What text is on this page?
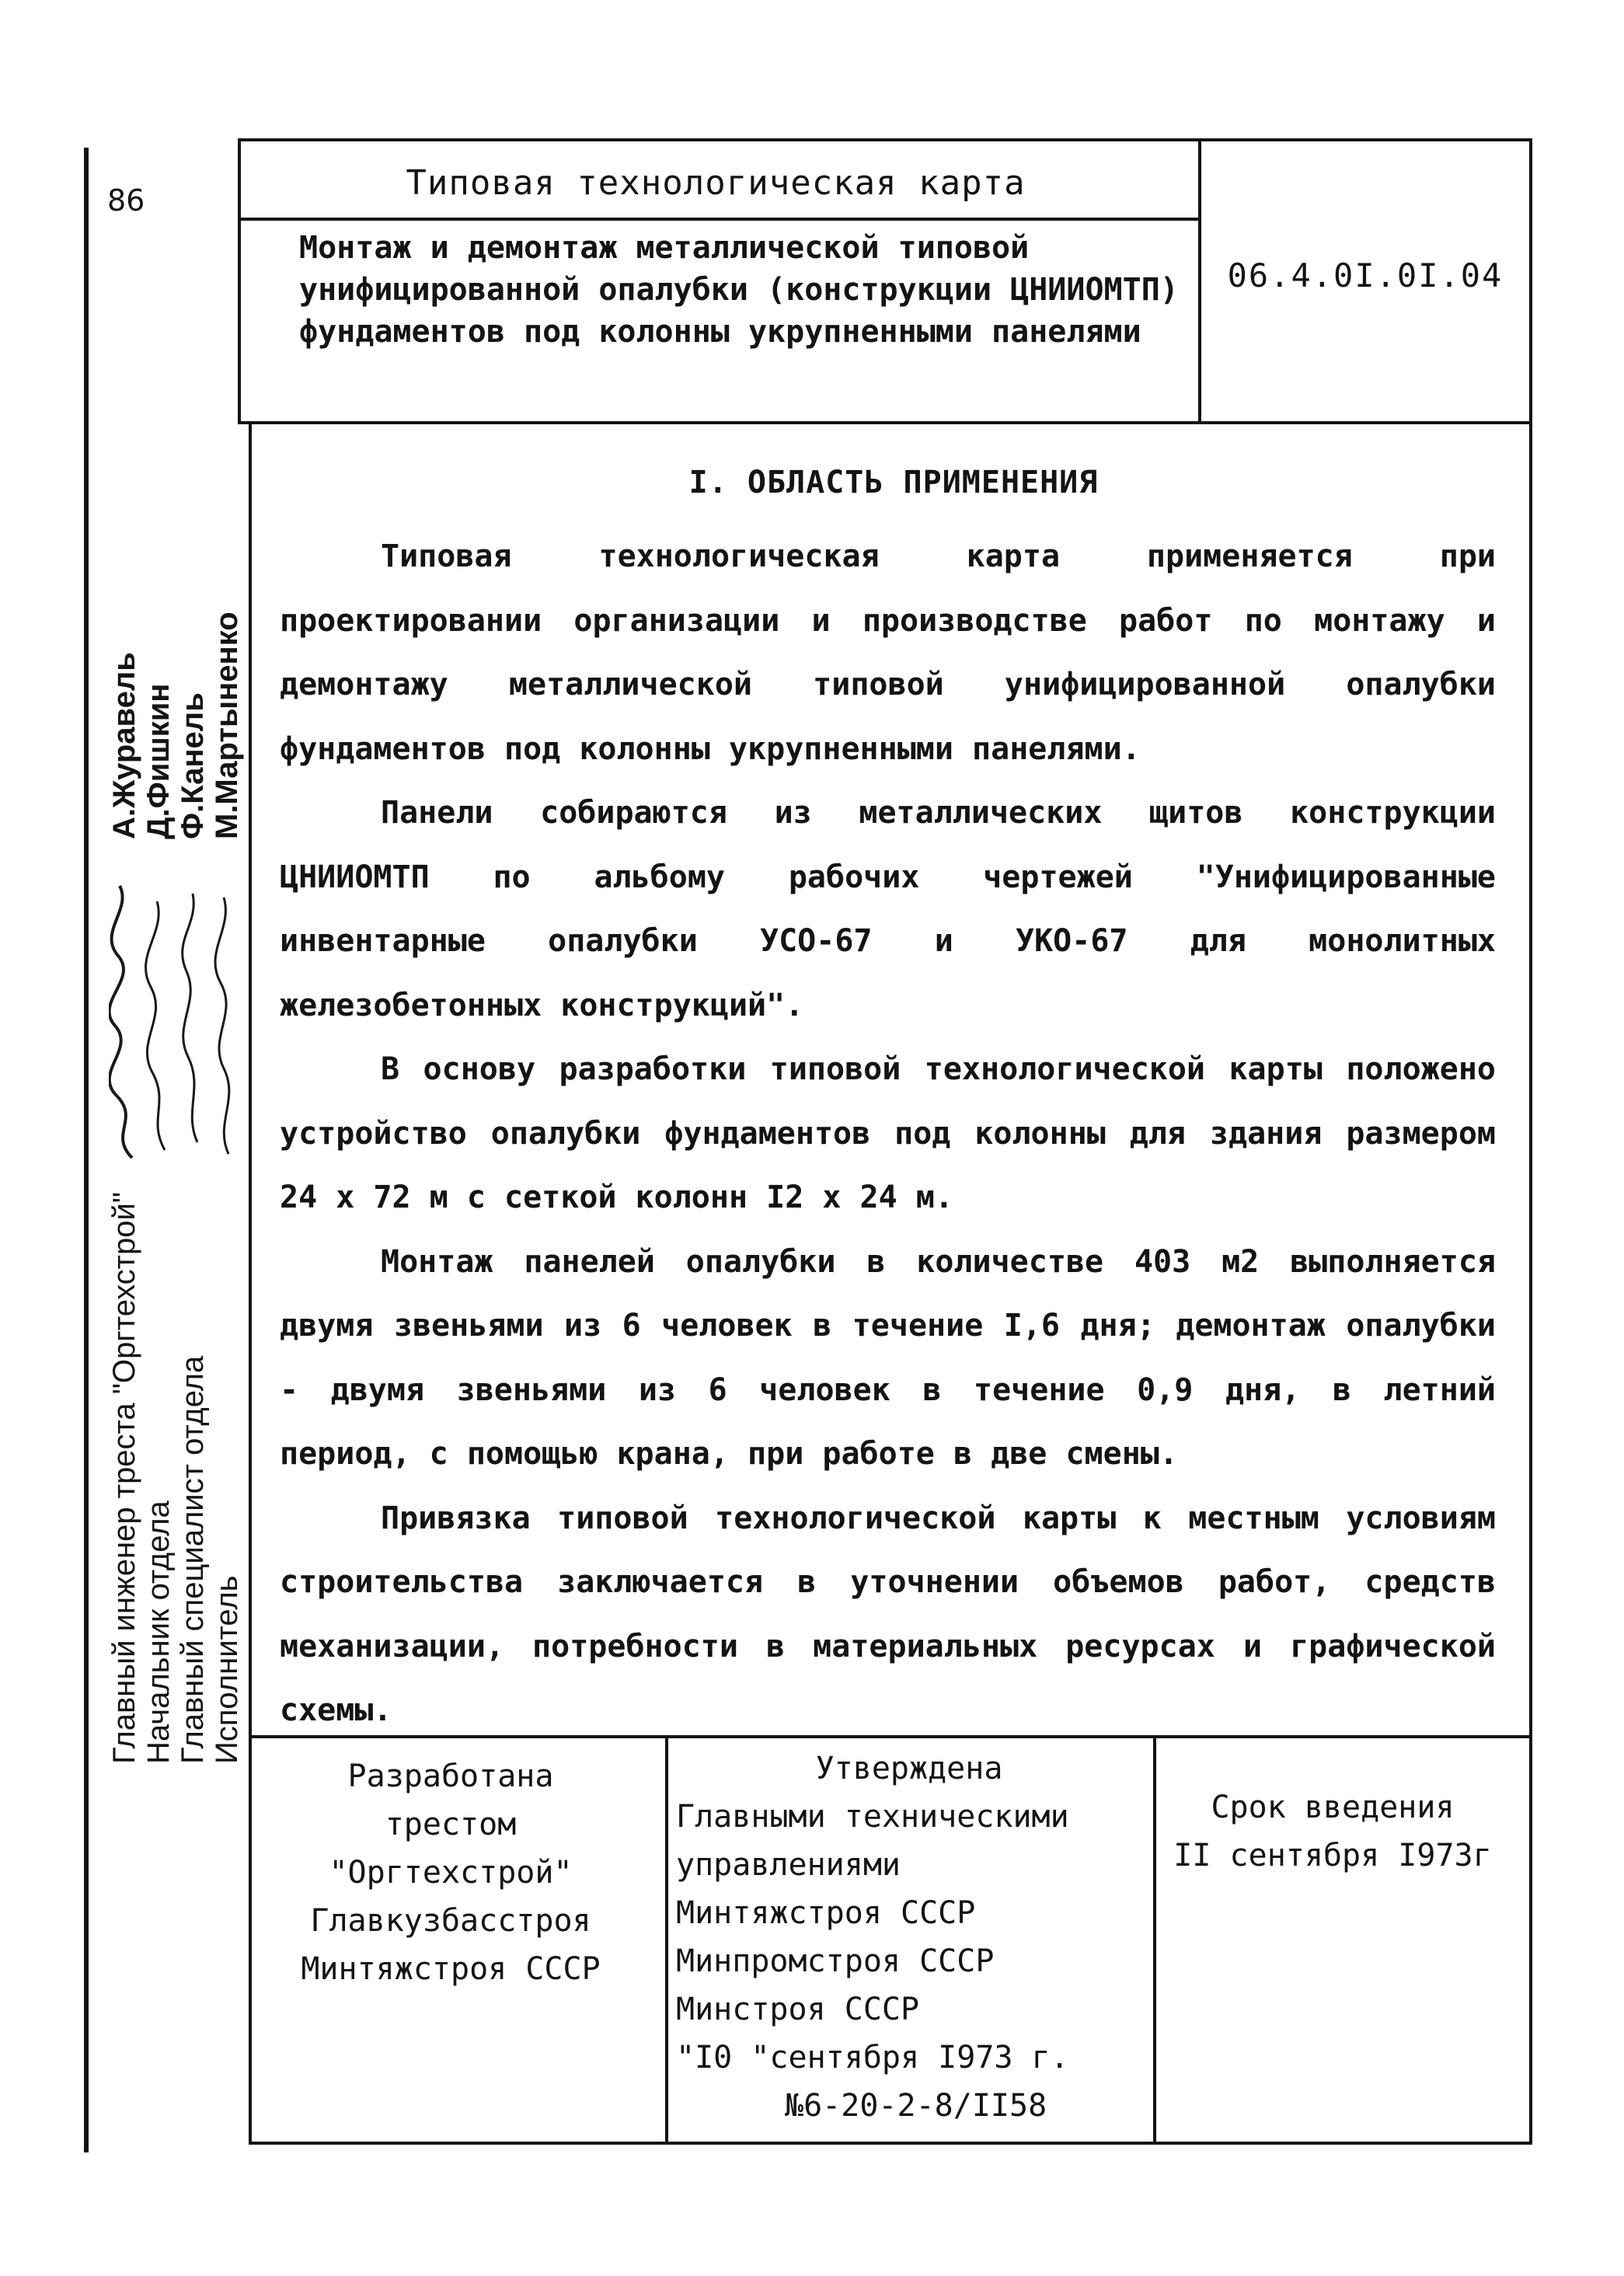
86	Типовая технологическая карта
Монтаж и демонтаж металлической типовой унифицированной опалубки (конструкции ЦНИИОМТП) фундаментов под колонны укрупненными панелями
06.4.0I.0I.04
I. ОБЛАСТЬ ПРИМЕНЕНИЯ

Типовая технологическая карта применяется при проектировании организации и производстве работ по монтажу и демонтажу металлической типовой унифицированной опалубки фундаментов под колонны укрупненными панелями.

Панели собираются из металлических щитов конструкции ЦНИИОМТП по альбому рабочих чертежей "Унифицированные инвентарные опалубки УСО-67 и УКО-67 для монолитных железобетонных конструкций".

В основу разработки типовой технологической карты положено устройство опалубки фундаментов под колонны для здания размером 24 х 72 м с сеткой колонн I2 х 24 м.

Монтаж панелей опалубки в количестве 403 м2 выполняется двумя звеньями из 6 человек в течение I,6 дня; демонтаж опалубки - двумя звеньями из 6 человек в течение 0,9 дня, в летний период, с помощью крана, при работе в две смены.

Привязка типовой технологической карты к местным условиям строительства заключается в уточнении объемов работ, средств механизации, потребности в материальных ресурсах и графической схемы.

Главный инженер треста "Оргтехстрой"
А.Журавель
Начальник отдела
Д.Фишкин
Главный специалист отдела
Ф.Канель
Исполнитель
М.Мартыненко
Разработана
трестом
"Оргтехстрой"
Главкузбасстроя
Минтяжстроя СССР
Утверждена
Главными техническими
управлениями
Минтяжстроя СССР
Минпромстроя СССР
Минстроя СССР
"I0 "сентября I973 г.
№6-20-2-8/II58
Срок введения
II сентября I973г
